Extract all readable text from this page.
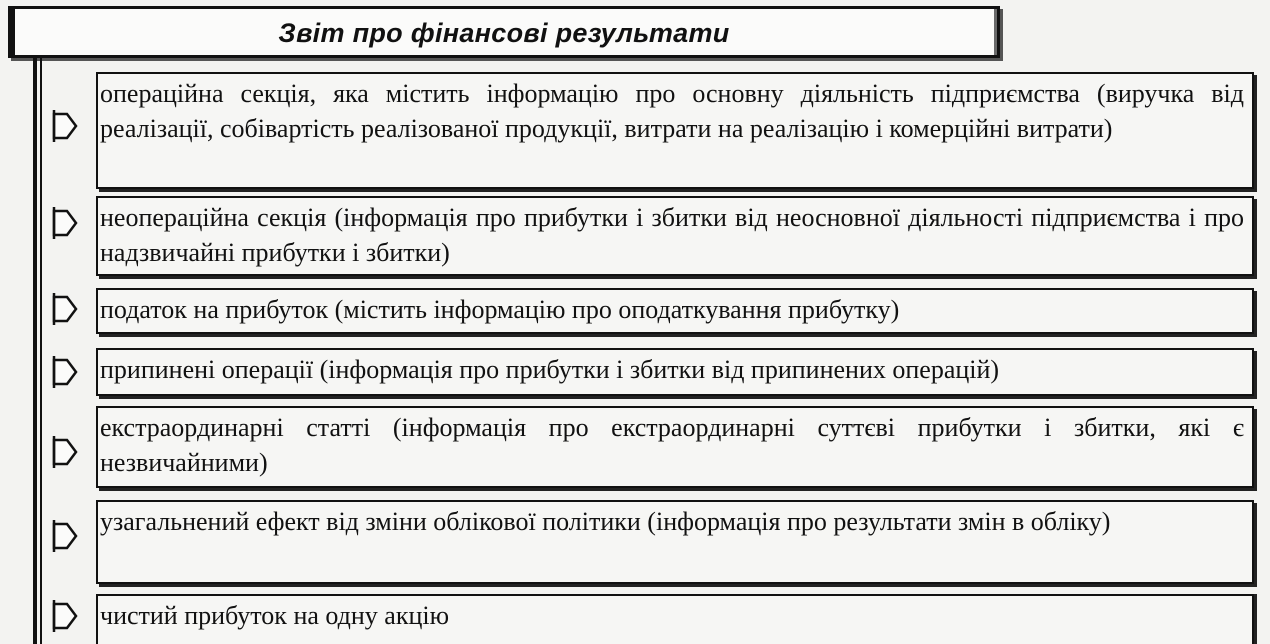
Звіт про фінансові результати
операційна секція, яка містить інформацію про основну діяльність підприємства (виручка від реалізації, собівартість реалізованої продукції, витрати на реалізацію і комерційні витрати)
неопераційна секція (інформація про прибутки і збитки від неосновної діяльності підприємства і про надзвичайні прибутки і збитки)
податок на прибуток (містить інформацію про оподаткування прибутку)
припинені операції (інформація про прибутки і збитки від припинених операцій)
екстраординарні статті (інформація про екстраординарні суттєві прибутки і збитки, які є незвичайними)
узагальнений ефект від зміни облікової політики (інформація про результати змін в обліку)
чистий прибуток на одну акцію
